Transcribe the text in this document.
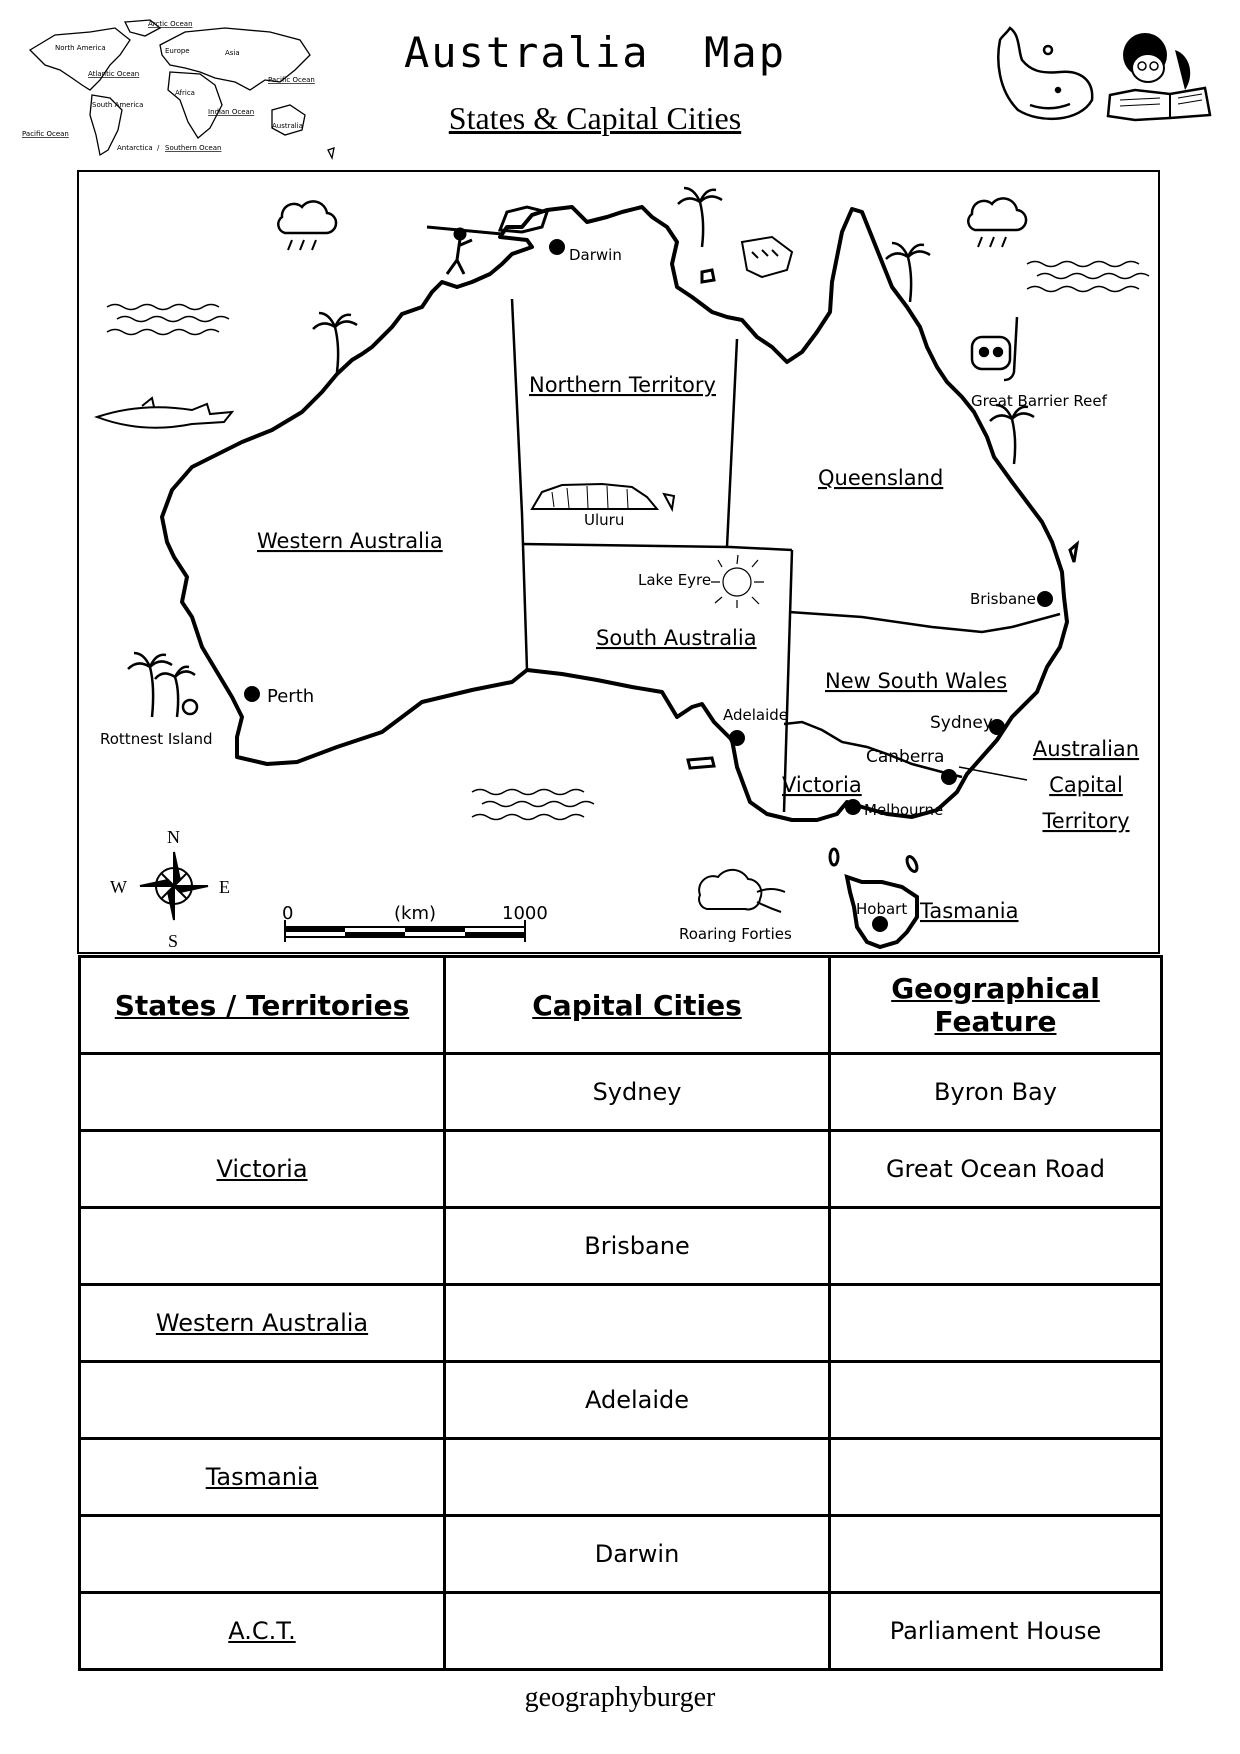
Arctic Ocean
North America
Atlantic Ocean
Europe	Asia
Africa
Pacific Ocean
South America
Indian Ocean
Australia
Pacific Ocean
Antarctica / Southern Ocean
Australia  Map
States & Capital Cities
Western Australia
Northern Territory
Queensland
South Australia
New South Wales
Victoria
Tasmania
Australian
Capital
Territory
Darwin
Perth
Adelaide
Brisbane
Sydney
Canberra
Melbourne
Hobart
Uluru
Lake Eyre
Great Barrier Reef
Rottnest Island
Roaring Forties
N
E
S
W
0	(km)	1000
States / Territories	Capital Cities	Geographical Feature
	Sydney	Byron Bay
Victoria		Great Ocean Road
	Brisbane	
Western Australia		
	Adelaide	
Tasmania		
	Darwin	
A.C.T.		Parliament House
geographyburger
